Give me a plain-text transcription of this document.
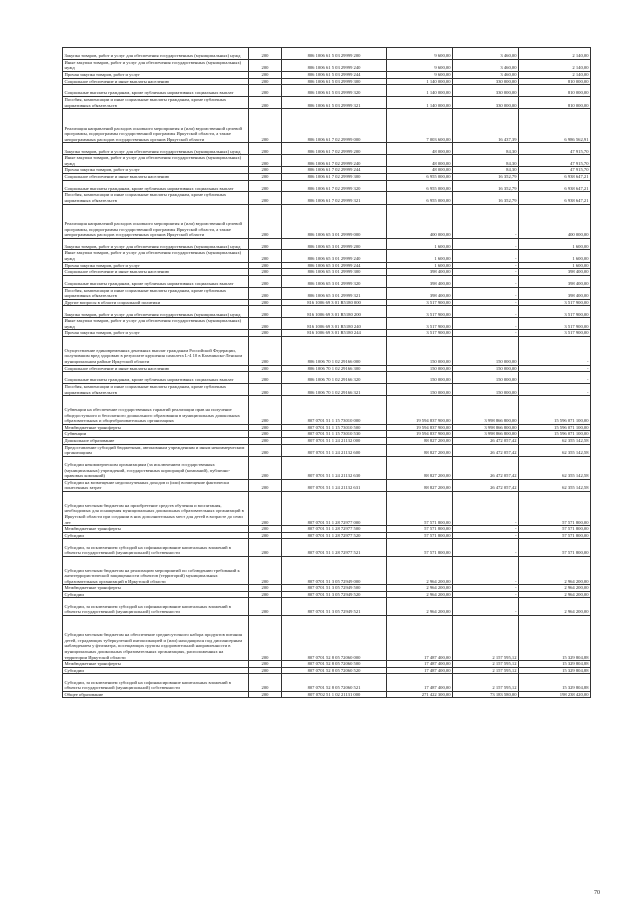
Закупка товаров, работ и услуг для обеспечения государственных (муниципальных) нужд	200	806 1006 61 5 03 29999 200	9 600,00	3 460,00	2 140,00
Иные закупки товаров, работ и услуг для обеспечения государственных (муниципальных) нужд	200	806 1006 61 5 03 29999 240	9 600,00	3 460,00	2 140,00
Прочая закупка товаров, работ и услуг	200	806 1006 61 5 03 29999 244	9 600,00	3 460,00	2 140,00
Социальное обеспечение и иные выплаты населению	200	806 1006 61 5 03 29999 300	1 140 000,00	330 000,00	810 000,00
Социальные выплаты гражданам, кроме публичных нормативных социальных выплат	200	806 1006 61 5 03 29999 320	1 140 000,00	330 000,00	810 000,00
Пособия, компенсации и иные социальные выплаты гражданам, кроме публичных нормативных обязательств	200	806 1006 61 5 03 29999 321	1 140 000,00	330 000,00	810 000,00
Реализация направлений расходов основного мероприятия и (или) ведомственной целевой программы, подпрограммы государственной программы Иркутской области, а также непрограммных расходов государственных органов Иркутской области	200	806 1006 61 7 02 29999 000	7 003 600,00	16 437,39	6 986 562,91
Закупка товаров, работ и услуг для обеспечения государственных (муниципальных) нужд	200	806 1006 61 7 02 29999 200	48 000,00	84,30	47 915,70
Иные закупки товаров, работ и услуг для обеспечения государственных (муниципальных) нужд	200	806 1006 61 7 02 29999 240	48 000,00	84,30	47 915,70
Прочая закупка товаров, работ и услуг	200	806 1006 61 7 02 29999 244	48 000,00	84,30	47 915,70
Социальное обеспечение и иные выплаты населению	200	806 1006 61 7 02 29999 300	6 955 000,00	16 352,79	6 938 647,21
Социальные выплаты гражданам, кроме публичных нормативных социальных выплат	200	806 1006 61 7 02 29999 320	6 955 000,00	16 352,79	6 938 647,21
Пособия, компенсации и иные социальные выплаты гражданам, кроме публичных нормативных обязательств	200	806 1006 61 7 02 29999 321	6 955 000,00	16 352,79	6 938 647,21
Реализация направлений расходов основного мероприятия и (или) ведомственной целевой программы, подпрограммы государственной программы Иркутской области, а также непрограммных расходов государственных органов Иркутской области	200	806 1006 65 3 01 29999 000	400 000,00	-	400 000,00
Закупка товаров, работ и услуг для обеспечения государственных (муниципальных) нужд	200	806 1006 65 3 01 29999 200	1 600,00	-	1 600,00
Иные закупки товаров, работ и услуг для обеспечения государственных (муниципальных) нужд	200	806 1006 65 3 01 29999 240	1 600,00	-	1 600,00
Прочая закупка товаров, работ и услуг	200	806 1006 65 3 01 29999 244	1 600,00	-	1 600,00
Социальное обеспечение и иные выплаты населению	200	806 1006 65 3 01 29999 300	398 400,00	-	398 400,00
Социальные выплаты гражданам, кроме публичных нормативных социальных выплат	200	806 1006 65 3 01 29999 320	398 400,00	-	398 400,00
Пособия, компенсации и иные социальные выплаты гражданам, кроме публичных нормативных обязательств	200	806 1006 65 3 01 29999 321	398 400,00	-	398 400,00
Другие вопросы в области социальной политики	200	816 1006 69 3 01 R5180 000	3 517 900,00	-	3 517 900,00
Закупка товаров, работ и услуг для обеспечения государственных (муниципальных) нужд	200	816 1006 69 3 01 R5180 200	3 517 900,00	-	3 517 900,00
Иные закупки товаров, работ и услуг для обеспечения государственных (муниципальных) нужд	200	816 1006 69 3 01 R5180 240	3 517 900,00	-	3 517 900,00
Прочая закупка товаров, работ и услуг	200	816 1006 69 3 01 R5180 244	3 517 900,00	-	3 517 900,00
Осуществление единовременных денежных выплат гражданам Российской Федерации, получившим вред здоровью в результате крушения самолета L-4 10 в Казачинско-Ленском муниципальном районе Иркутской области	200	806 1006 70 1 02 29166 000	150 000,00	150 000,00	-
Социальное обеспечение и иные выплаты населению	200	806 1006 70 1 02 29166 300	150 000,00	150 000,00	-
Социальные выплаты гражданам, кроме публичных нормативных социальных выплат	200	806 1006 70 1 02 29166 320	150 000,00	150 000,00	-
Пособия, компенсации и иные социальные выплаты гражданам, кроме публичных нормативных обязательств	200	806 1006 70 1 02 29166 321	150 000,00	150 000,00	-
Субвенции на обеспечение государственных гарантий реализации прав на получение общедоступного и бесплатного дошкольного образования в муниципальных дошкольных образовательных и общеобразовательных организациях	200	807 0701 51 1 15 73010 000	19 594 837 900,00	3 998 866 800,00	15 596 071 100,00
Межбюджетные трансферты	200	807 0701 51 1 15 73010 500	19 594 837 900,00	3 998 866 800,00	15 596 071 100,00
Субвенции	200	807 0701 51 1 15 73010 530	19 594 837 900,00	3 998 866 800,00	15 596 071 100,00
Дошкольное образование	200	807 0701 51 1 24 21132 000	88 827 200,00	26 472 057,42	62 355 142,58
Предоставление субсидий бюджетным, автономным учреждениям и иным некоммерческим организациям	200	807 0701 51 1 24 21132 600	88 827 200,00	26 472 057,42	62 355 142,58
Субсидии некоммерческим организациям (за исключением государственных (муниципальных) учреждений, государственных корпораций (компаний), публично-правовых компаний)	200	807 0701 51 1 24 21132 630	88 827 200,00	26 472 057,42	62 355 142,58
Субсидии на возмещение недополученных доходов и (или) возмещение фактически понесенных затрат	200	807 0701 51 1 24 21132 631	88 827 200,00	26 472 057,42	62 355 142,58
Субсидии местным бюджетам на приобретение средств обучения и воспитания, необходимых для оснащения муниципальных дошкольных образовательных организаций в Иркутской области при создании в них дополнительных мест для детей в возрасте до семи лет	200	807 0701 51 1 28 72977 000	57 571 800,00	-	57 571 800,00
Межбюджетные трансферты	200	807 0701 51 1 28 72977 500	57 571 800,00	-	57 571 800,00
Субсидии	200	807 0701 51 1 28 72977 520	57 571 800,00	-	57 571 800,00
Субсидии, за исключением субсидий на софинансирование капитальных вложений в объекты государственной (муниципальной) собственности	200	807 0701 51 1 28 72977 521	57 571 800,00	-	57 571 800,00
Субсидии местным бюджетам на реализацию мероприятий по соблюдению требований к антитеррористической защищенности объектов (территорий) муниципальных образовательных организаций в Иркутской области	200	807 0701 51 3 05 72949 000	2 964 200,00	-	2 964 200,00
Межбюджетные трансферты	200	807 0701 51 3 05 72949 500	2 964 200,00	-	2 964 200,00
Субсидии	200	807 0701 51 3 05 72949 520	2 964 200,00	-	2 964 200,00
Субсидии, за исключением субсидий на софинансирование капитальных вложений в объекты государственной (муниципальной) собственности	200	807 0701 51 3 05 72949 521	2 964 200,00	-	2 964 200,00
Субсидии местным бюджетам на обеспечение среднесуточного набора продуктов питания детей, страдающих туберкулезной интоксикацией и (или) находящихся под диспансерным наблюдением у фтизиатра, посещающих группы оздоровительной направленности в муниципальных дошкольных образовательных организациях, расположенных на территории Иркутской области	200	807 0701 52 8 05 72060 000	17 487 400,00	2 157 595,12	15 329 804,88
Межбюджетные трансферты	200	807 0701 52 8 05 72060 500	17 487 400,00	2 157 595,12	15 329 804,88
Субсидии	200	807 0701 52 8 05 72060 520	17 487 400,00	2 157 595,12	15 329 804,88
Субсидии, за исключением субсидий на софинансирование капитальных вложений в объекты государственной (муниципальной) собственности	200	807 0701 52 8 05 72060 521	17 487 400,00	2 157 595,12	15 329 804,88
Общее образование	200	807 0702 51 1 02 21131 000	271 422 300,00	73 183 580,00	198 238 420,00
70
